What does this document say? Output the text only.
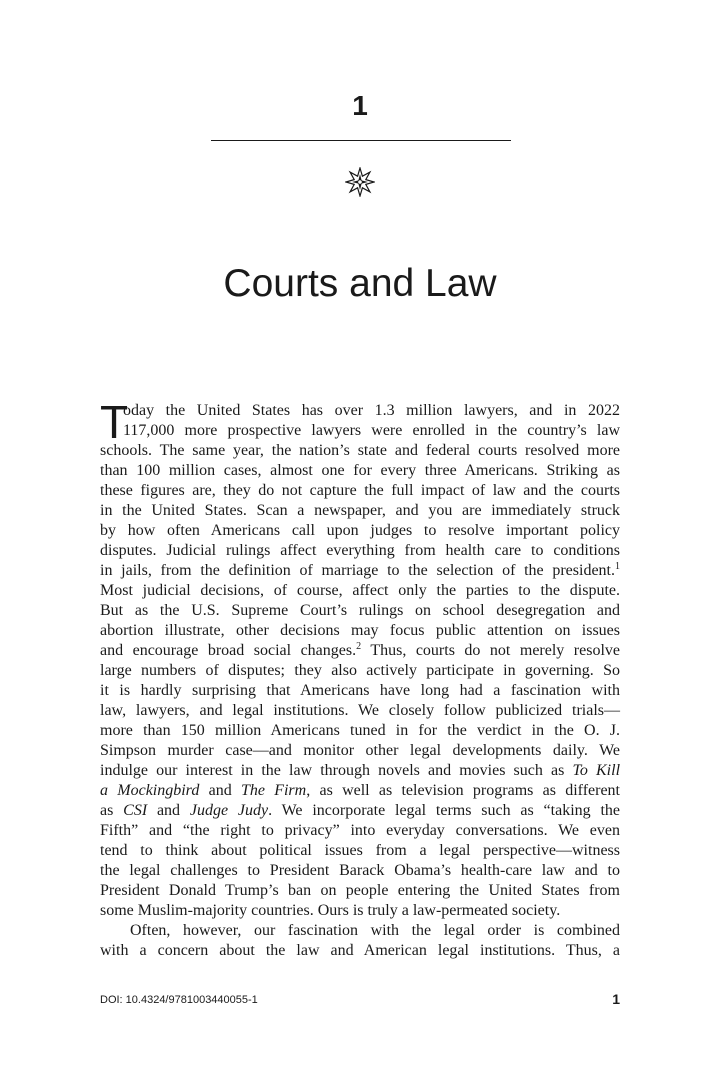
1
Courts and Law
T
oday the United States has over 1.3 million lawyers, and in 2022
117,000 more prospective lawyers were enrolled in the country’s law
schools. The same year, the nation’s state and federal courts resolved more
than 100 million cases, almost one for every three Americans. Striking as
these figures are, they do not capture the full impact of law and the courts
in the United States. Scan a newspaper, and you are immediately struck
by how often Americans call upon judges to resolve important policy
disputes. Judicial rulings affect everything from health care to conditions
in jails, from the definition of marriage to the selection of the president.$^1$
Most judicial decisions, of course, affect only the parties to the dispute.
But as the U.S. Supreme Court’s rulings on school desegregation and
abortion illustrate, other decisions may focus public attention on issues
and encourage broad social changes.$^2$ Thus, courts do not merely resolve
large numbers of disputes; they also actively participate in governing. So
it is hardly surprising that Americans have long had a fascination with
law, lawyers, and legal institutions. We closely follow publicized trials—
more than 150 million Americans tuned in for the verdict in the O. J.
Simpson murder case—and monitor other legal developments daily. We
indulge our interest in the law through novels and movies such as To Kill
a Mockingbird and The Firm, as well as television programs as different
as CSI and Judge Judy. We incorporate legal terms such as “taking the
Fifth” and “the right to privacy” into everyday conversations. We even
tend to think about political issues from a legal perspective—witness
the legal challenges to President Barack Obama’s health-care law and to
President Donald Trump’s ban on people entering the United States from
some Muslim-majority countries. Ours is truly a law-permeated society.
Often, however, our fascination with the legal order is combined
with a concern about the law and American legal institutions. Thus, a
DOI: 10.4324/9781003440055-1	1
